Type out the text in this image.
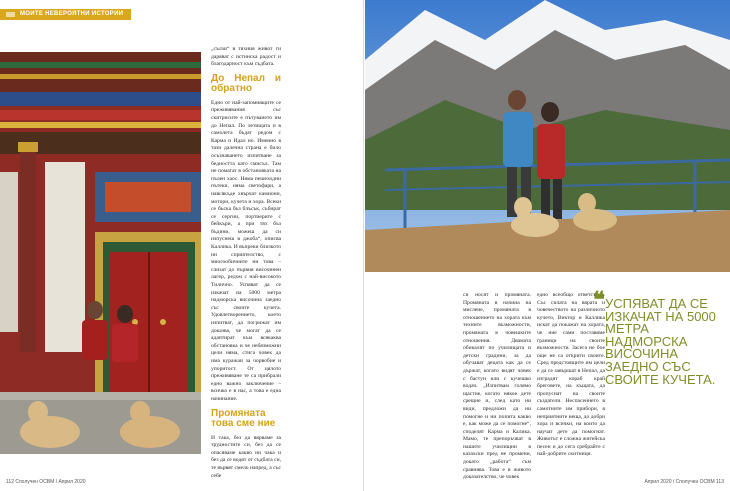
МОИТЕ НЕВЕРОЯТНИ ИСТОРИИ

„сълзи“ в тяхния живот ги даряват с истинска радост и благодарност към съдбата.

До Непал и обратно

Едно от най-запомнящите се преживявания със скитрисите е пътуването им до Непал. По летищата и в самолета бъдат редом с Карма и Идал но. Именно в тази далечна страна е било осъзнаването изпитване за бедността като смисъл. Там не помагат в обстановката на пълен хаос. Няма пешеходни пътеки, няма светофари, а навсякъде хвърчат камиони, мотори, кучета и хора. Всеки се бъска бъз блъсък, събират се сергии, портиерите с бейкъри, а при тях бъз бъдини, можеш да си изпуснеш в джоба“, описва Каллика. И въпреки близкото ни сприятелство, с многообичните ни това – слизат до първия височинен лагер, редом с най-високото Тилично. Успяват да се изкачат на 5000 метра надморска височина заедно със своите кучета. Удовлетворението, което изпитват, да погрижат им доказва, че могат да се адаптират към всякаква обстановка и че небязможни цели няма, стига човек да има куражаи за чорвобие и упоритост. От цялото преживяване те са прибрали едно важно заключение – всичко е в нас, а това е една начинание.

Промяната това сме ние

И така, без да вярваме за трудностите си, без да се опасяваме какво ни чака и без да се водят от съдбата си, те вървят смело напред, а със себе

112 Сполучен ОСВМ / Април 2020

си носят и промяната. Промяната в начина на мислене, промяната в отношението на хората към техните възможности, промяната в човешките отношения. Двамата обикалят по училищата и детски градини, за да обучават децата как да се държат, когато видят човек с бастун или с кучешко водач. „Изпитвам голямо щастие, когато някое дете срещне и, след като ни види, предложи да ни помогне и ни попита какво е, как може да се помогне“, споделят Карма и Калика. Мамо, те препоръчват в нашите училищни в казахски пред не промени, докато „работа“ съм сравнява. Това е в живото доказателство, че човек

едно всеобщо ответствие. Със силата на вярата и човечеството на различното кучето, Виктор и Каллика искат да покажат на хората, че ние сами поставяме граници на своите възможности. Засега не бое още не са открити своите. Сред предстоящите им цели е да се завършат в Непал, да изградят кораб край бреговете, на къщата, да пропуснат на своите създатели. Неспасението в самотните им прибори, в неприятните неща, до добри хора и всички, на които да научат дете да помогнат. Животът е сложна житейска песен и до сега сребрайте с най-добрите скитници.

❝ УСПЯВАТ ДА СЕ ИЗКАЧАТ НА 5000 МЕТРА НАДМОРСКА ВИСОЧИНА ЗАЕДНО СЪС СВОИТЕ КУЧЕТА.
Април 2020 / Сполучен ОСВМ 113
